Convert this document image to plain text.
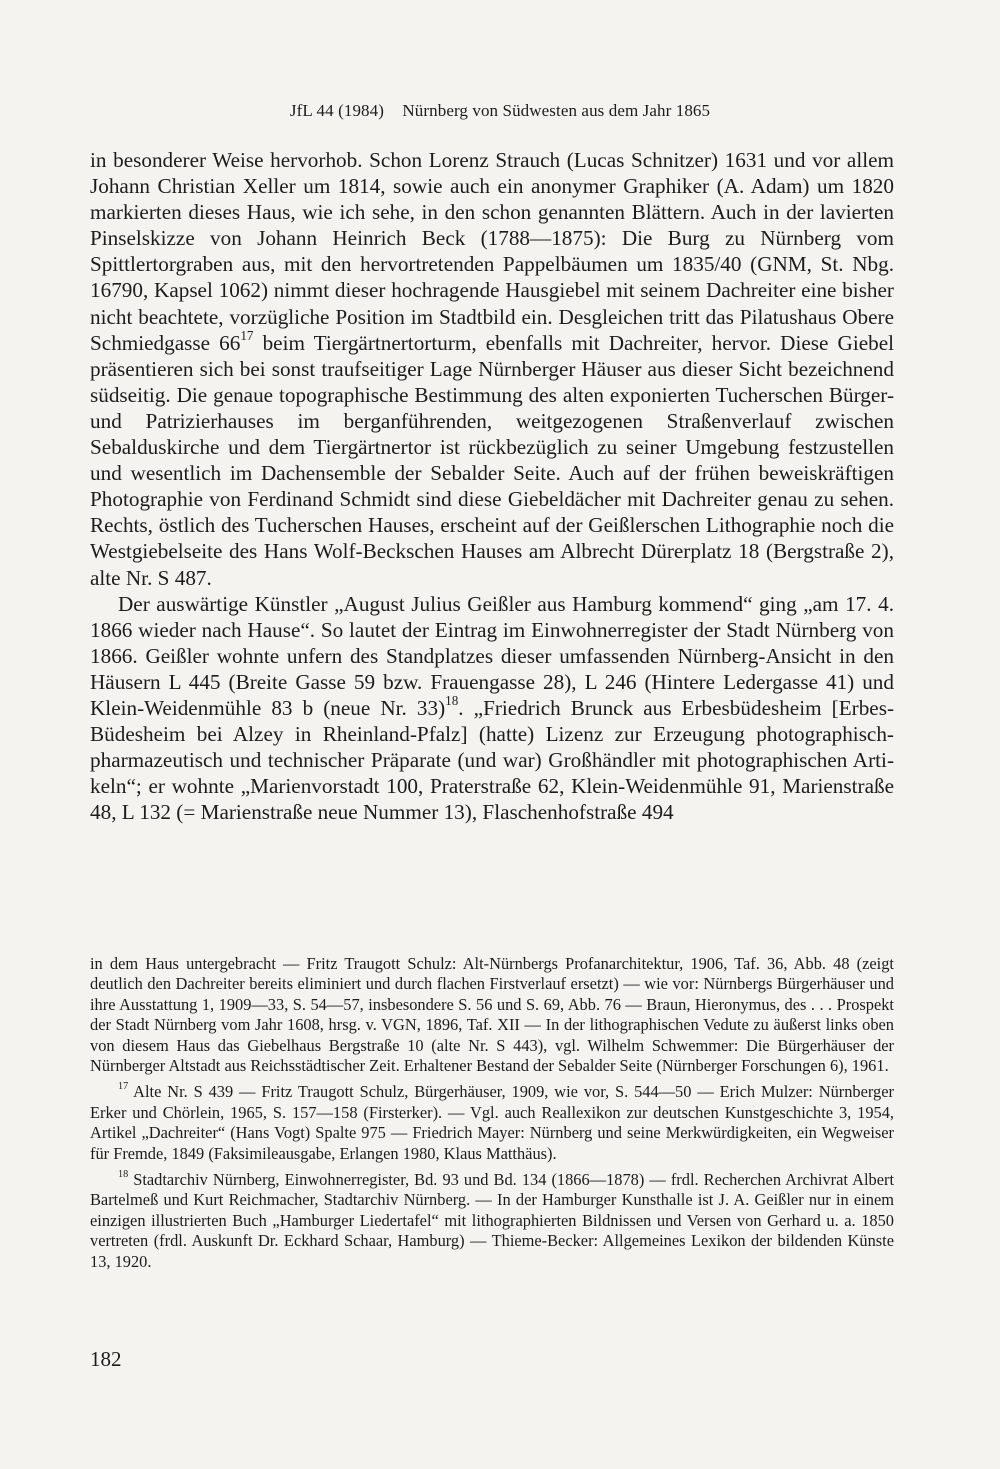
JfL 44 (1984) Nürnberg von Südwesten aus dem Jahr 1865

in besonderer Weise hervorhob. Schon Lorenz Strauch (Lucas Schnitzer) 1631 und vor allem Johann Christian Xeller um 1814, sowie auch ein anonymer Graphiker (A. Adam) um 1820 markierten dieses Haus, wie ich sehe, in den schon genannten Blättern. Auch in der lavierten Pinselskizze von Johann Heinrich Beck (1788—1875): Die Burg zu Nürnberg vom Spittlertorgraben aus, mit den hervortretenden Pappelbäumen um 1835/40 (GNM, St. Nbg. 16790, Kapsel 1062) nimmt dieser hochragende Hausgiebel mit seinem Dachreiter eine bisher nicht beachtete, vorzügliche Position im Stadtbild ein. Desgleichen tritt das Pilatushaus Obere Schmiedgasse $66^{17}$ beim Tiergärtnertorturm, ebenfalls mit Dachreiter, hervor. Diese Giebel präsentieren sich bei sonst traufseitiger Lage Nürnberger Häuser aus dieser Sicht bezeichnend südseitig. Die genaue topographische Bestimmung des alten exponierten Tucherschen Bürger- und Patrizierhauses im berganführenden, weitgezogenen Straßenverlauf zwischen Sebalduskirche und dem Tiergärtnertor ist rückbezüglich zu seiner Umgebung festzustellen und wesentlich im Dachensemble der Sebalder Seite. Auch auf der frühen beweiskräftigen Photographie von Ferdinand Schmidt sind diese Giebeldächer mit Dachreiter genau zu sehen. Rechts, östlich des Tucherschen Hauses, erscheint auf der Geißlerschen Lithographie noch die Westgiebelseite des Hans Wolf-Beckschen Hauses am Albrecht Dürerplatz 18 (Bergstraße 2), alte Nr. S 487.

Der auswärtige Künstler „August Julius Geißler aus Hamburg kommend“ ging „am 17. 4. 1866 wieder nach Hause“. So lautet der Eintrag im Einwohnerregister der Stadt Nürnberg von 1866. Geißler wohnte unfern des Standplatzes dieser umfassenden Nürnberg-Ansicht in den Häusern L 445 (Breite Gasse 59 bzw. Frauengasse 28), L 246 (Hintere Ledergasse 41) und Klein-Weidenmühle 83 b (neue Nr. 33)$^{18}$. „Friedrich Brunck aus Erbesbüdesheim [Erbes-Büdesheim bei Alzey in Rheinland-Pfalz] (hatte) Lizenz zur Erzeugung photographisch-pharmazeutisch und technischer Präparate (und war) Großhändler mit photographischen Artikeln“; er wohnte „Marienvorstadt 100, Praterstraße 62, Klein-Weidenmühle 91, Marienstraße 48, L 132 (= Marienstraße neue Nummer 13), Flaschenhofstraße 494

in dem Haus untergebracht — Fritz Traugott Schulz: Alt-Nürnbergs Profanarchitektur, 1906, Taf. 36, Abb. 48 (zeigt deutlich den Dachreiter bereits eliminiert und durch flachen Firstverlauf ersetzt) — wie vor: Nürnbergs Bürgerhäuser und ihre Ausstattung 1, 1909—33, S. 54—57, insbesondere S. 56 und S. 69, Abb. 76 — Braun, Hieronymus, des . . . Prospekt der Stadt Nürnberg vom Jahr 1608, hrsg. v. VGN, 1896, Taf. XII — In der lithographischen Vedute zu äußerst links oben von diesem Haus das Giebelhaus Bergstraße 10 (alte Nr. S 443), vgl. Wilhelm Schwemmer: Die Bürgerhäuser der Nürnberger Altstadt aus Reichsstädtischer Zeit. Erhaltener Bestand der Sebalder Seite (Nürnberger Forschungen 6), 1961.

$^{17}$ Alte Nr. S 439 — Fritz Traugott Schulz, Bürgerhäuser, 1909, wie vor, S. 544—50 — Erich Mulzer: Nürnberger Erker und Chörlein, 1965, S. 157—158 (Firsterker). — Vgl. auch Reallexikon zur deutschen Kunstgeschichte 3, 1954, Artikel „Dachreiter“ (Hans Vogt) Spalte 975 — Friedrich Mayer: Nürnberg und seine Merkwürdigkeiten, ein Wegweiser für Fremde, 1849 (Faksimileausgabe, Erlangen 1980, Klaus Matthäus).

$^{18}$ Stadtarchiv Nürnberg, Einwohnerregister, Bd. 93 und Bd. 134 (1866—1878) — frdl. Recherchen Archivrat Albert Bartelmeß und Kurt Reichmacher, Stadtarchiv Nürnberg. — In der Hamburger Kunsthalle ist J. A. Geißler nur in einem einzigen illustrierten Buch „Hamburger Liedertafel“ mit lithographierten Bildnissen und Versen von Gerhard u. a. 1850 vertreten (frdl. Auskunft Dr. Eckhard Schaar, Hamburg) — Thieme-Becker: Allgemeines Lexikon der bildenden Künste 13, 1920.

182
